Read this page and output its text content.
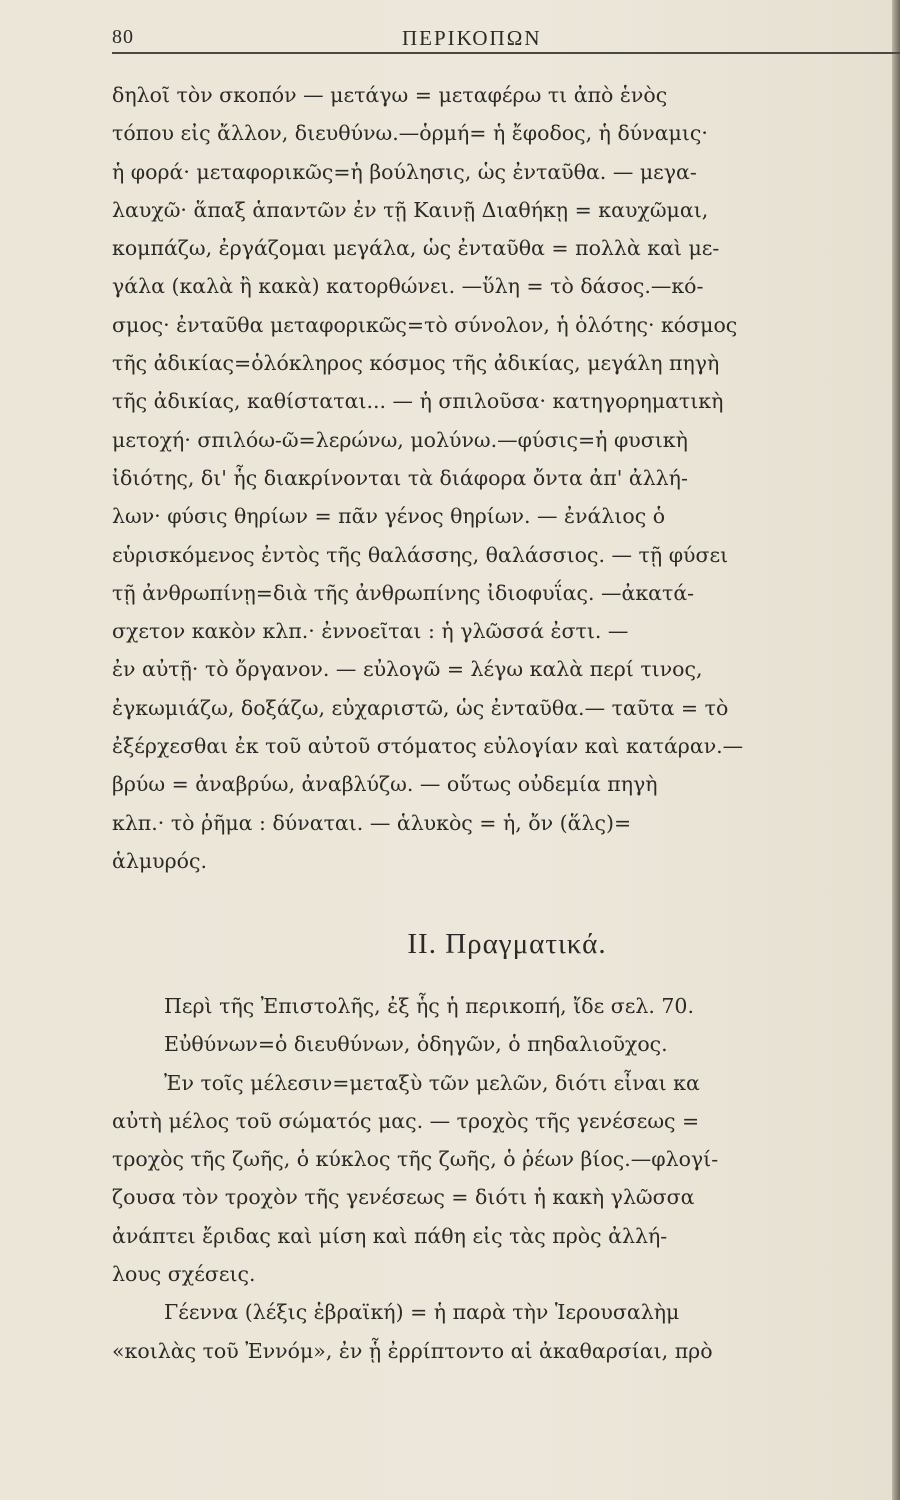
80	ΠΕΡΙΚΟΠΩΝ
δηλοῖ τὸν σκοπόν — μετάγω = μεταφέρω τι ἀπὸ ἑνὸς
τόπου εἰς ἄλλον, διευθύνω.—ὁρμή= ἡ ἔφοδος, ἡ δύναμις·
ἡ φορά· μεταφορικῶς=ἡ βούλησις, ὡς ἐνταῦθα. — μεγα-
λαυχῶ· ἅπαξ ἁπαντῶν ἐν τῇ Καινῇ Διαθήκῃ = καυχῶμαι,
κομπάζω, ἐργάζομαι μεγάλα, ὡς ἐνταῦθα = πολλὰ καὶ με-
γάλα (καλὰ ἢ κακὰ) κατορθώνει. —ὕλη = τὸ δάσος.—κό-
σμος· ἐνταῦθα μεταφορικῶς=τὸ σύνολον, ἡ ὁλότης· κόσμος
τῆς ἀδικίας=ὁλόκληρος κόσμος τῆς ἀδικίας, μεγάλη πηγὴ
τῆς ἀδικίας, καθίσταται... — ἡ σπιλοῦσα· κατηγορηματικὴ
μετοχή· σπιλόω-ῶ=λερώνω, μολύνω.—φύσις=ἡ φυσικὴ
ἰδιότης, δι' ἧς διακρίνονται τὰ διάφορα ὄντα ἀπ' ἀλλή-
λων· φύσις θηρίων = πᾶν γένος θηρίων. — ἐνάλιος ὁ
εὑρισκόμενος ἐντὸς τῆς θαλάσσης, θαλάσσιος. — τῇ φύσει
τῇ ἀνθρωπίνῃ=διὰ τῆς ἀνθρωπίνης ἰδιοφυΐας. —ἀκατά-
σχετον κακὸν κλπ.· ἐννοεῖται : ἡ γλῶσσά ἐστι. —
ἐν αὐτῇ· τὸ ὄργανον. — εὐλογῶ = λέγω καλὰ περί τινος,
ἐγκωμιάζω, δοξάζω, εὐχαριστῶ, ὡς ἐνταῦθα.— ταῦτα = τὸ
ἐξέρχεσθαι ἐκ τοῦ αὐτοῦ στόματος εὐλογίαν καὶ κατάραν.—
βρύω = ἀναβρύω, ἀναβλύζω. — οὕτως οὐδεμία πηγὴ
κλπ.· τὸ ῥῆμα : δύναται. — ἁλυκὸς = ἡ, ὄν (ἅλς)=
ἁλμυρός.
II. Πραγματικά.
Περὶ τῆς Ἐπιστολῆς, ἐξ ἧς ἡ περικοπή, ἴδε σελ. 70.
Εὐθύνων=ὁ διευθύνων, ὁδηγῶν, ὁ πηδαλιοῦχος.
Ἐν τοῖς μέλεσιν=μεταξὺ τῶν μελῶν, διότι εἶναι κα
αὐτὴ μέλος τοῦ σώματός μας. — τροχὸς τῆς γενέσεως =
τροχὸς τῆς ζωῆς, ὁ κύκλος τῆς ζωῆς, ὁ ῥέων βίος.—φλογί-
ζουσα τὸν τροχὸν τῆς γενέσεως = διότι ἡ κακὴ γλῶσσα
ἀνάπτει ἔριδας καὶ μίση καὶ πάθη εἰς τὰς πρὸς ἀλλή-
λους σχέσεις.
Γέεννα (λέξις ἑβραϊκή) = ἡ παρὰ τὴν Ἱερουσαλὴμ
«κοιλὰς τοῦ Ἐννόμ», ἐν ᾗ ἐρρίπτοντο αἱ ἀκαθαρσίαι, πρὸ
